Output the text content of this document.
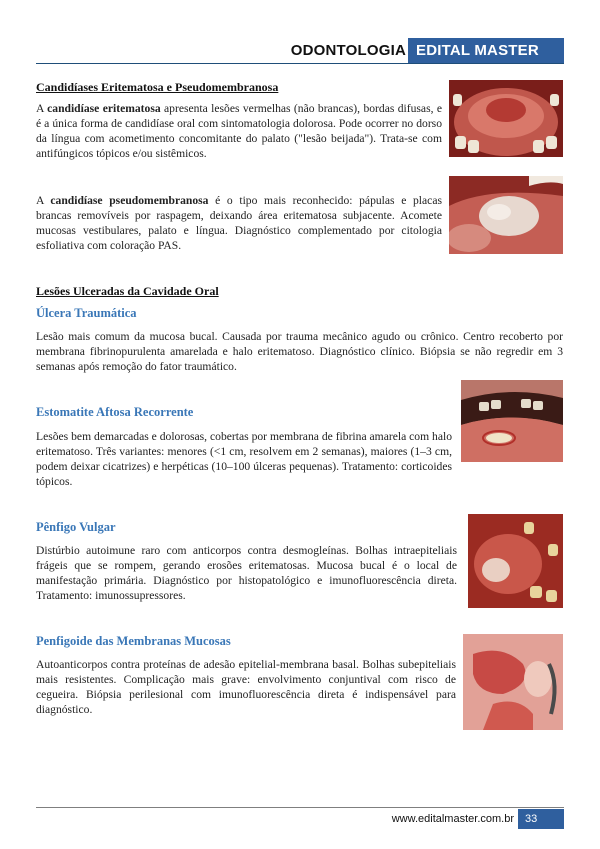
ODONTOLOGIA EDITAL MASTER
Candidíases Eritematosa e Pseudomembranosa

A candidíase eritematosa apresenta lesões vermelhas (não brancas), bordas difusas, e é a única forma de candidíase oral com sintomatologia dolorosa. Pode ocorrer no dorso da língua com acometimento concomitante do palato ("lesão beijada"). Trata-se com antifúngicos tópicos e/ou sistêmicos.

A candidíase pseudomembranosa é o tipo mais reconhecido: pápulas e placas brancas removíveis por raspagem, deixando área eritematosa subjacente. Acomete mucosas vestibulares, palato e língua. Diagnóstico complementado por citologia esfoliativa com coloração PAS.

Lesões Ulceradas da Cavidade Oral
Úlcera Traumática

Lesão mais comum da mucosa bucal. Causada por trauma mecânico agudo ou crônico. Centro recoberto por membrana fibrinopurulenta amarelada e halo eritematoso. Diagnóstico clínico. Biópsia se não regredir em 3 semanas após remoção do fator traumático.

Estomatite Aftosa Recorrente

Lesões bem demarcadas e dolorosas, cobertas por membrana de fibrina amarela com halo eritematoso. Três variantes: menores (<1 cm, resolvem em 2 semanas), maiores (1–3 cm, podem deixar cicatrizes) e herpéticas (10–100 úlceras pequenas). Tratamento: corticoides tópicos.

Pênfigo Vulgar

Distúrbio autoimune raro com anticorpos contra desmogleínas. Bolhas intraepiteliais frágeis que se rompem, gerando erosões eritematosas. Mucosa bucal é o local de manifestação primária. Diagnóstico por histopatológico e imunofluorescência direta. Tratamento: imunossupressores.

Penfigoide das Membranas Mucosas

Autoanticorpos contra proteínas de adesão epitelial-membrana basal. Bolhas subepiteliais mais resistentes. Complicação mais grave: envolvimento conjuntival com risco de cegueira. Biópsia perilesional com imunofluorescência direta é indispensável para diagnóstico.

www.editalmaster.com.br	33
